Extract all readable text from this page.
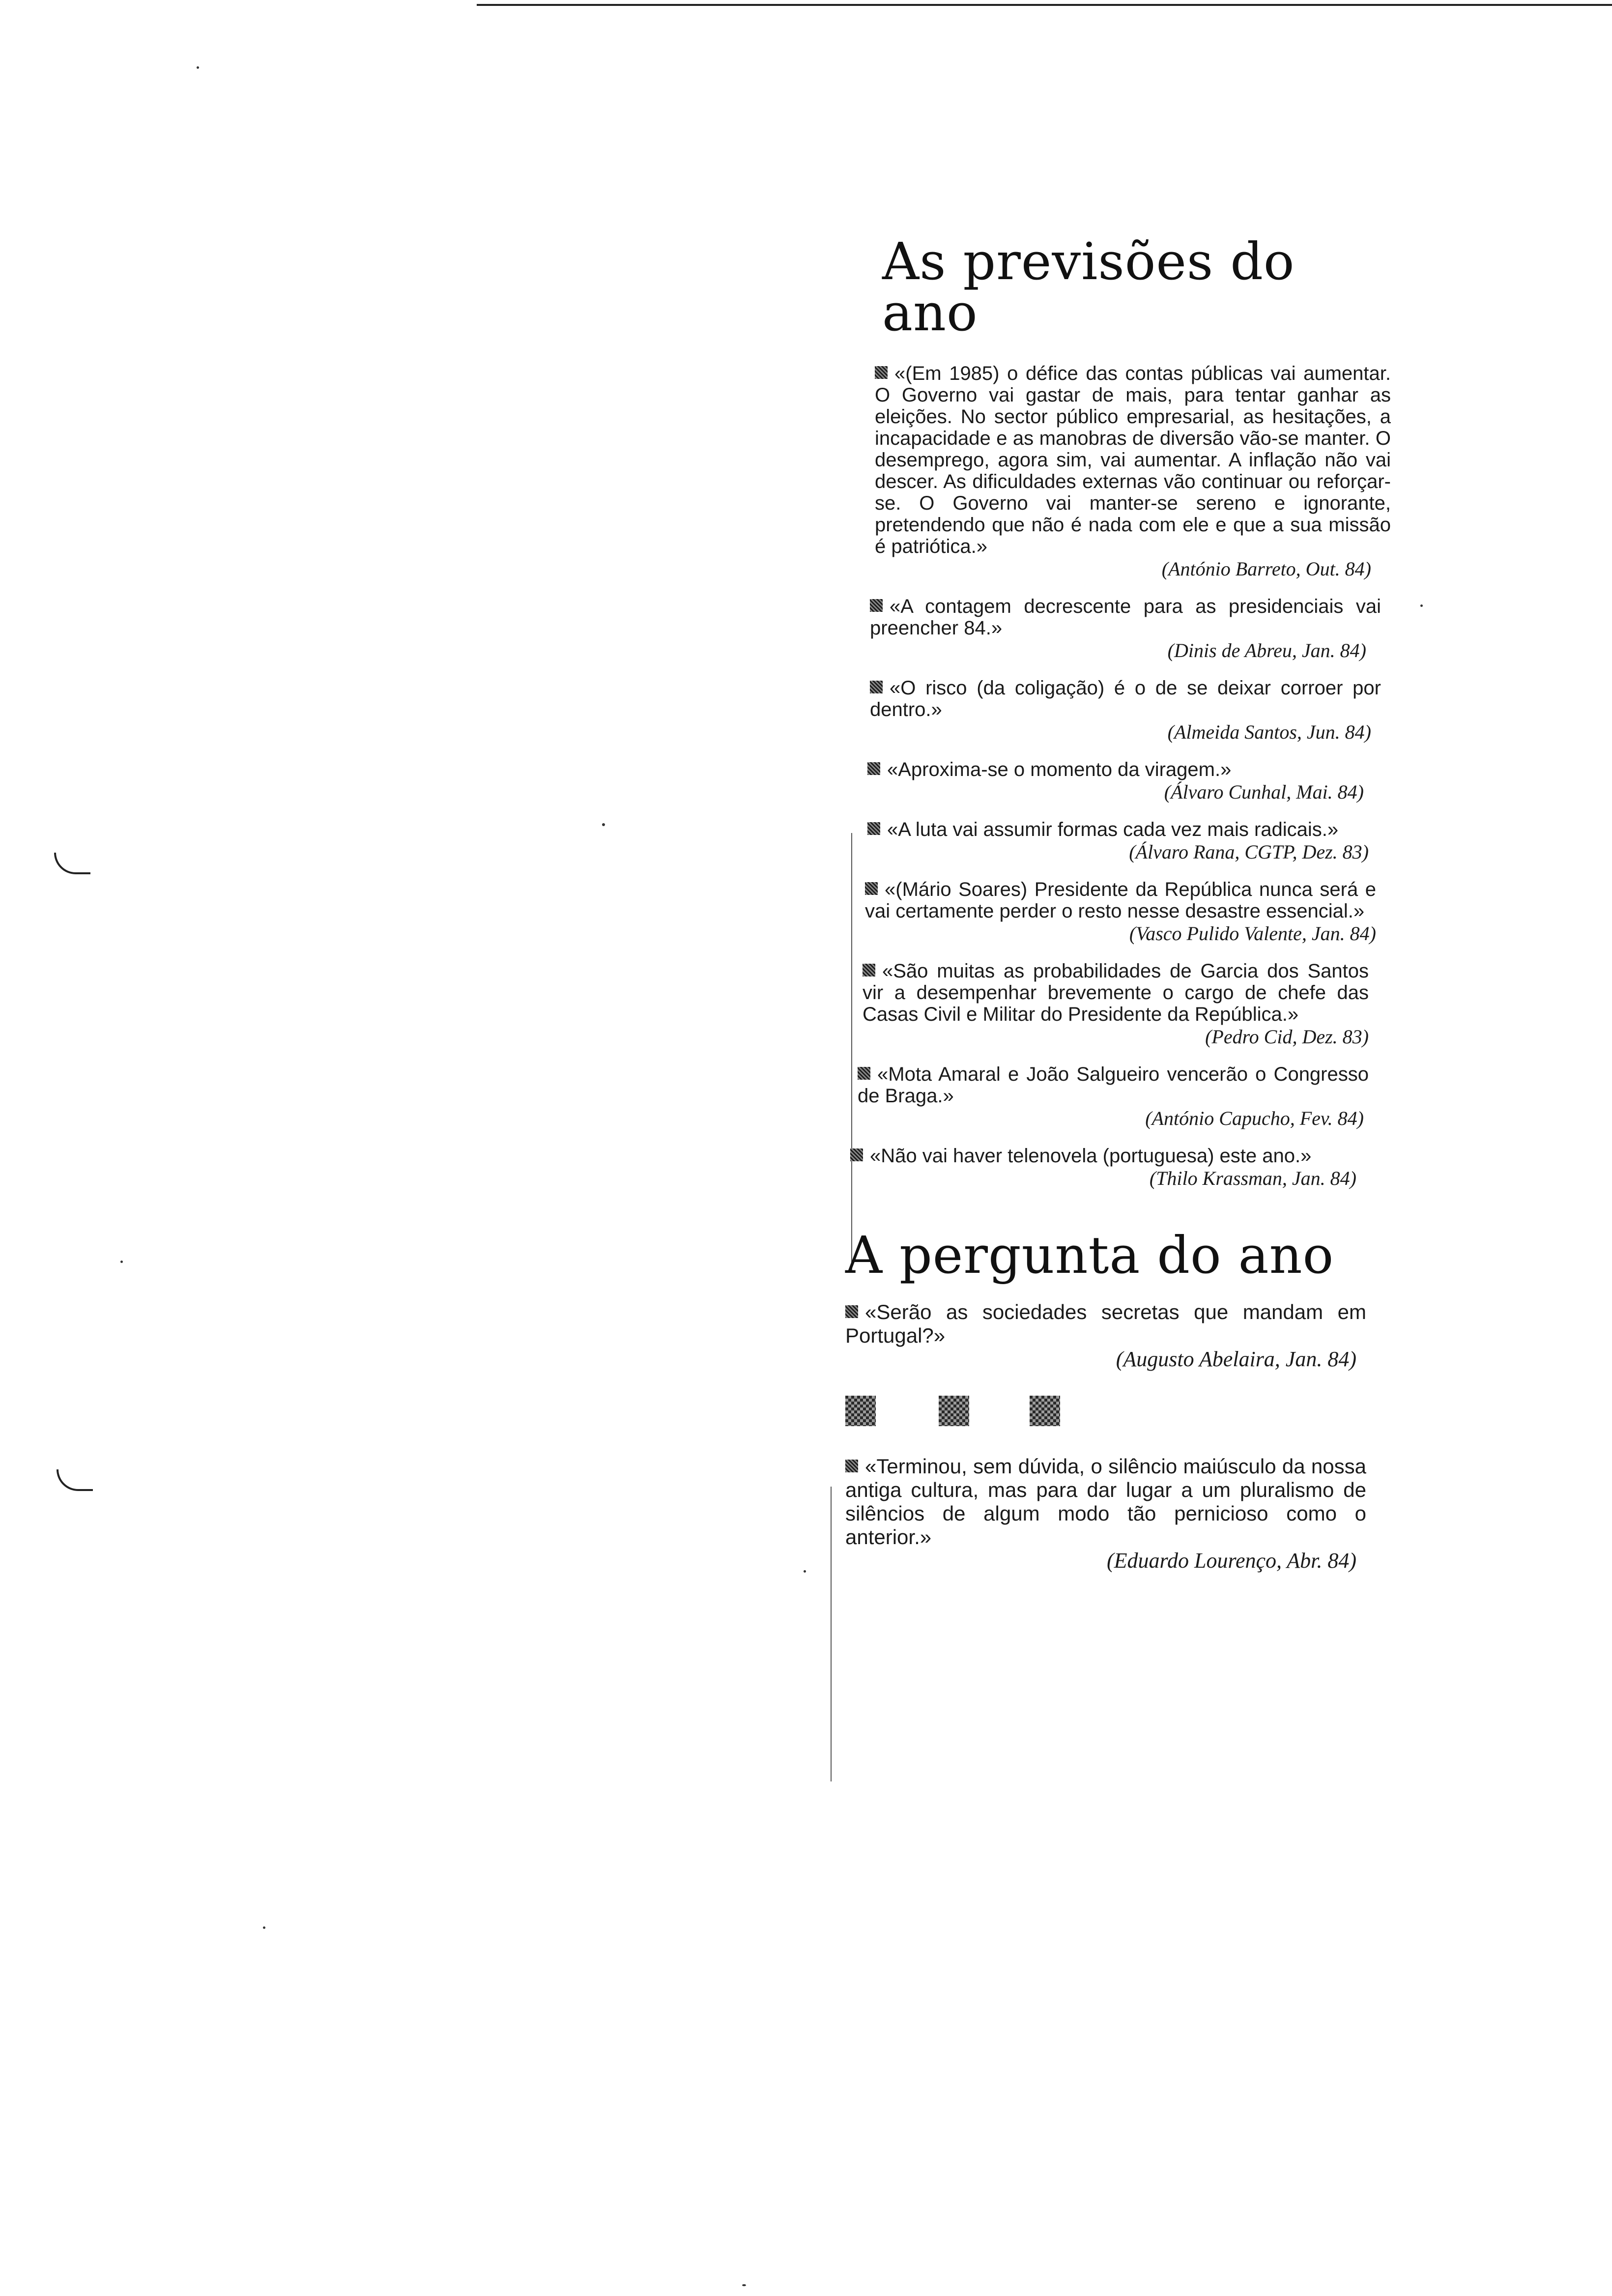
As previsões do ano

«(Em 1985) o défice das contas públicas vai aumentar. O Governo vai gastar de mais, para tentar ganhar as eleições. No sector público empresarial, as hesitações, a incapacidade e as manobras de diversão vão-se manter. O desemprego, agora sim, vai aumentar. A inflação não vai descer. As dificuldades externas vão continuar ou reforçar-se. O Governo vai manter-se sereno e ignorante, pretendendo que não é nada com ele e que a sua missão é patriótica.»

(António Barreto, Out. 84)

«A contagem decrescente para as presidenciais vai preencher 84.»

(Dinis de Abreu, Jan. 84)

«O risco (da coligação) é o de se deixar corroer por dentro.»

(Almeida Santos, Jun. 84)

«Aproxima-se o momento da viragem.»

(Álvaro Cunhal, Mai. 84)

«A luta vai assumir formas cada vez mais radicais.»

(Álvaro Rana, CGTP, Dez. 83)

«(Mário Soares) Presidente da República nunca será e vai certamente perder o resto nesse desastre essencial.»

(Vasco Pulido Valente, Jan. 84)

«São muitas as probabilidades de Garcia dos Santos vir a desempenhar brevemente o cargo de chefe das Casas Civil e Militar do Presidente da República.»

(Pedro Cid, Dez. 83)

«Mota Amaral e João Salgueiro vencerão o Congresso de Braga.»

(António Capucho, Fev. 84)

«Não vai haver telenovela (portuguesa) este ano.»

(Thilo Krassman, Jan. 84)

A pergunta do ano

«Serão as sociedades secretas que mandam em Portugal?»

(Augusto Abelaira, Jan. 84)

«Terminou, sem dúvida, o silêncio maiúsculo da nossa antiga cultura, mas para dar lugar a um pluralismo de silêncios de algum modo tão pernicioso como o anterior.»

(Eduardo Lourenço, Abr. 84)
